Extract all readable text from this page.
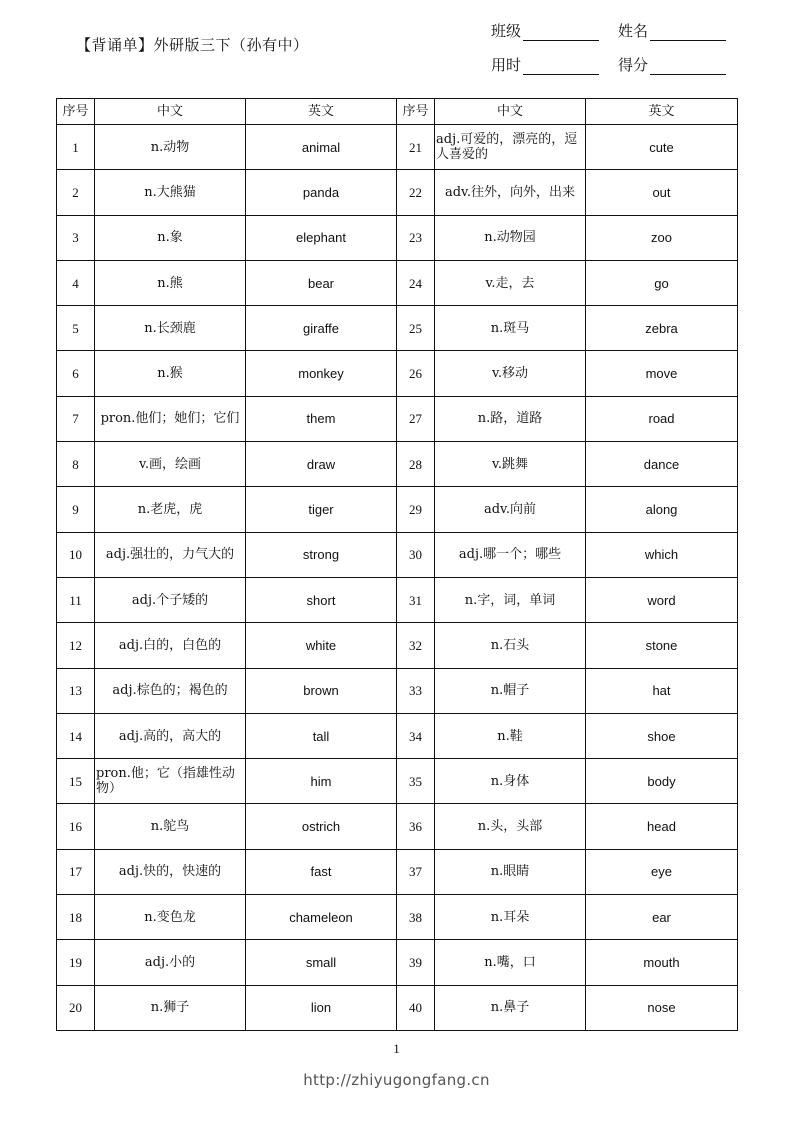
【背诵单】外研版三下（孙有中）
班级	姓名
用时	得分
序号	中文	英文	序号	中文	英文
1	n.动物	animal	21	adj.可爱的，漂亮的，逗人喜爱的	cute
2	n.大熊猫	panda	22	adv.往外，向外，出来	out
3	n.象	elephant	23	n.动物园	zoo
4	n.熊	bear	24	v.走，去	go
5	n.长颈鹿	giraffe	25	n.斑马	zebra
6	n.猴	monkey	26	v.移动	move
7	pron.他们；她们；它们	them	27	n.路，道路	road
8	v.画，绘画	draw	28	v.跳舞	dance
9	n.老虎，虎	tiger	29	adv.向前	along
10	adj.强壮的，力气大的	strong	30	adj.哪一个；哪些	which
11	adj.个子矮的	short	31	n.字，词，单词	word
12	adj.白的，白色的	white	32	n.石头	stone
13	adj.棕色的；褐色的	brown	33	n.帽子	hat
14	adj.高的，高大的	tall	34	n.鞋	shoe
15	pron.他；它（指雄性动物）	him	35	n.身体	body
16	n.鸵鸟	ostrich	36	n.头，头部	head
17	adj.快的，快速的	fast	37	n.眼睛	eye
18	n.变色龙	chameleon	38	n.耳朵	ear
19	adj.小的	small	39	n.嘴，口	mouth
20	n.狮子	lion	40	n.鼻子	nose
1
http://zhiyugongfang.cn
